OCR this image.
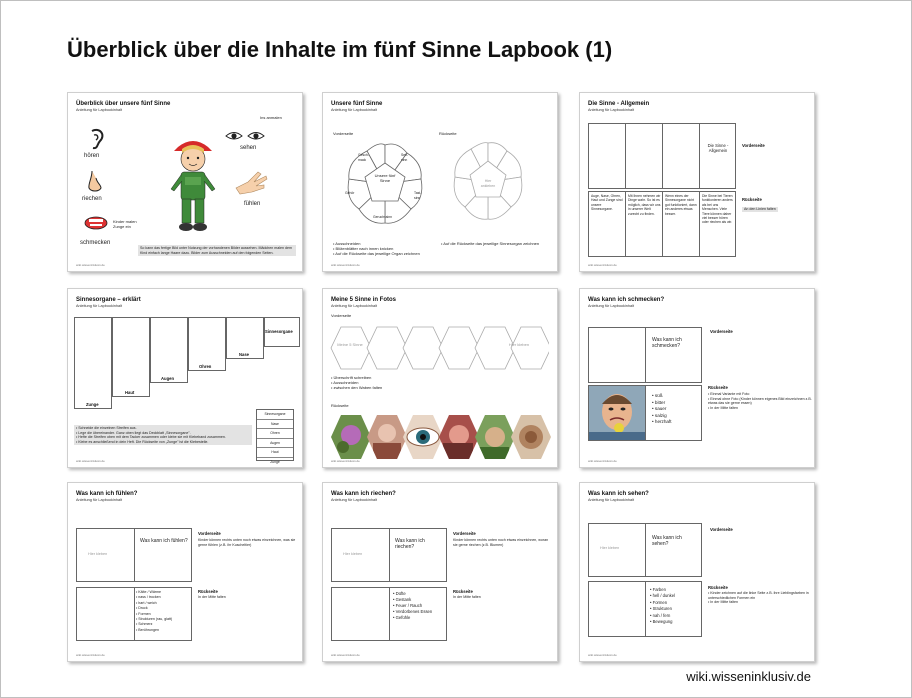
Überblick über die Inhalte im fünf Sinne Lapbook (1)
Überblick über unsere fünf Sinne
Anleitung für Lapbookinhalt
Ins anmalen
hören
riechen
schmecken
Kinder malen Zunge ein
sehen
fühlen
So kann das fertige Bild unter Nutzung der vorhandenen Bilder aussehen. Mädchen malen dem Kind einfach lange Haare dazu. Bilder zum Ausschneiden auf den folgenden Seiten.
wiki.wisseninklusiv.de
Unsere fünf Sinne
Anleitung für Lapbookinhalt
Vorderseite	Rückseite
Unsere fünf Sinne
Gesch-mack
Seh-sinn
Tast-sinn
Gehör
Geruchssinn
Hier ankleben
• Ausschneiden
• Blütenblätter nach innen knicken
• Auf die Rückseite das jeweilige Organ zeichnen
• Auf die Rückseite das jeweilige Sinnesorgan zeichnen
wiki.wisseninklusiv.de
Die Sinne - Allgemein
Anleitung für Lapbookinhalt
Die Sinne - Allgemein
Vorderseite
Auge, Nase, Ohren, Haut und Zunge sind unsere Sinnesorgane.
Mit Ihnen nehmen wir Dinge wahr. So ist es möglich, dass wir uns in unserer Welt zurecht zu finden.
Wenn eines der Sinnesorgane nicht gut funktioniert, dann ein anderes etwas besser.
Die Sinne bei Tieren funktionieren anders als bei uns Menschen. Viele Tiere können daher viel besser hören oder riechen als wir.
Rückseite
An den Linien falten
wiki.wisseninklusiv.de
Sinnesorgane – erklärt
Anleitung für Lapbookinhalt
Zunge
Haut
Augen
Ohren
Nase
Sinnesorgane
Sinnesorgane
Nase
Ohren
Augen
Haut
Zunge
• Schneide die einzelnen Streifen aus.
• Lege die übereinander. Ganz oben liegt das Deckblatt „Sinnesorgane".
• Hefte die Streifen oben mit dem Tacker zusammen oder klebe sie mit Klebeband zusammen.
• Klebe es anschließend in dein Heft. Die Rückseite von „Zunge" ist die Klebestelle.
wiki.wisseninklusiv.de
Meine 5 Sinne in Fotos
Anleitung für Lapbookinhalt
Vorderseite
Meine 5 Sinne	Hier kleben
• Überschrift schreiben
• Ausschneiden
• zwischen den Waben falten
Rückseite
wiki.wisseninklusiv.de
Was kann ich schmecken?
Anleitung für Lapbookinhalt
Was kann ich schmecken?
Vorderseite
• süß
• bitter
• sauer
• salzig
• herzhaft
Rückseite
• Einmal Variante mit Foto
• Einmal ohne Foto (Kinder können eigenes Bild einzeichnen z.B. etwas das sie gerne essen)
• In der Mitte falten
wiki.wisseninklusiv.de
Was kann ich fühlen?
Anleitung für Lapbookinhalt
Hier kleben
Was kann ich fühlen?
Vorderseite
Kinder können rechts unten noch etwas einzeichnen, was sie gerne fühlen (z.B. ihr Kuscheltier)
• Kälte / Wärme
• nass / trocken
• hart / weich
• Druck
• Formen
• Strukturen (rau, glatt)
• Schmerz
• Berührungen
Rückseite
In der Mitte falten
wiki.wisseninklusiv.de
Was kann ich riechen?
Anleitung für Lapbookinhalt
Hier kleben
Was kann ich riechen?
Vorderseite
Kinder können rechts unten noch etwas einzeichnen, woran sie gerne riechen (z.B. Blumen)
• Düfte
• Gestank
• Feuer / Rauch
• Verdorbenes Essen
• Gefühle
Rückseite
In der Mitte falten
wiki.wisseninklusiv.de
Was kann ich sehen?
Anleitung für Lapbookinhalt
Hier kleben
Was kann ich sehen?
Vorderseite
• Farben
• hell / dunkel
• Formen
• Strukturen
• nah / fern
• Bewegung
Rückseite
• Kinder zeichnen auf die linke Seite z.B. ihre Lieblingsfarben in unterschiedlichen Formen ein
• In der Mitte falten
wiki.wisseninklusiv.de
wiki.wisseninklusiv.de
